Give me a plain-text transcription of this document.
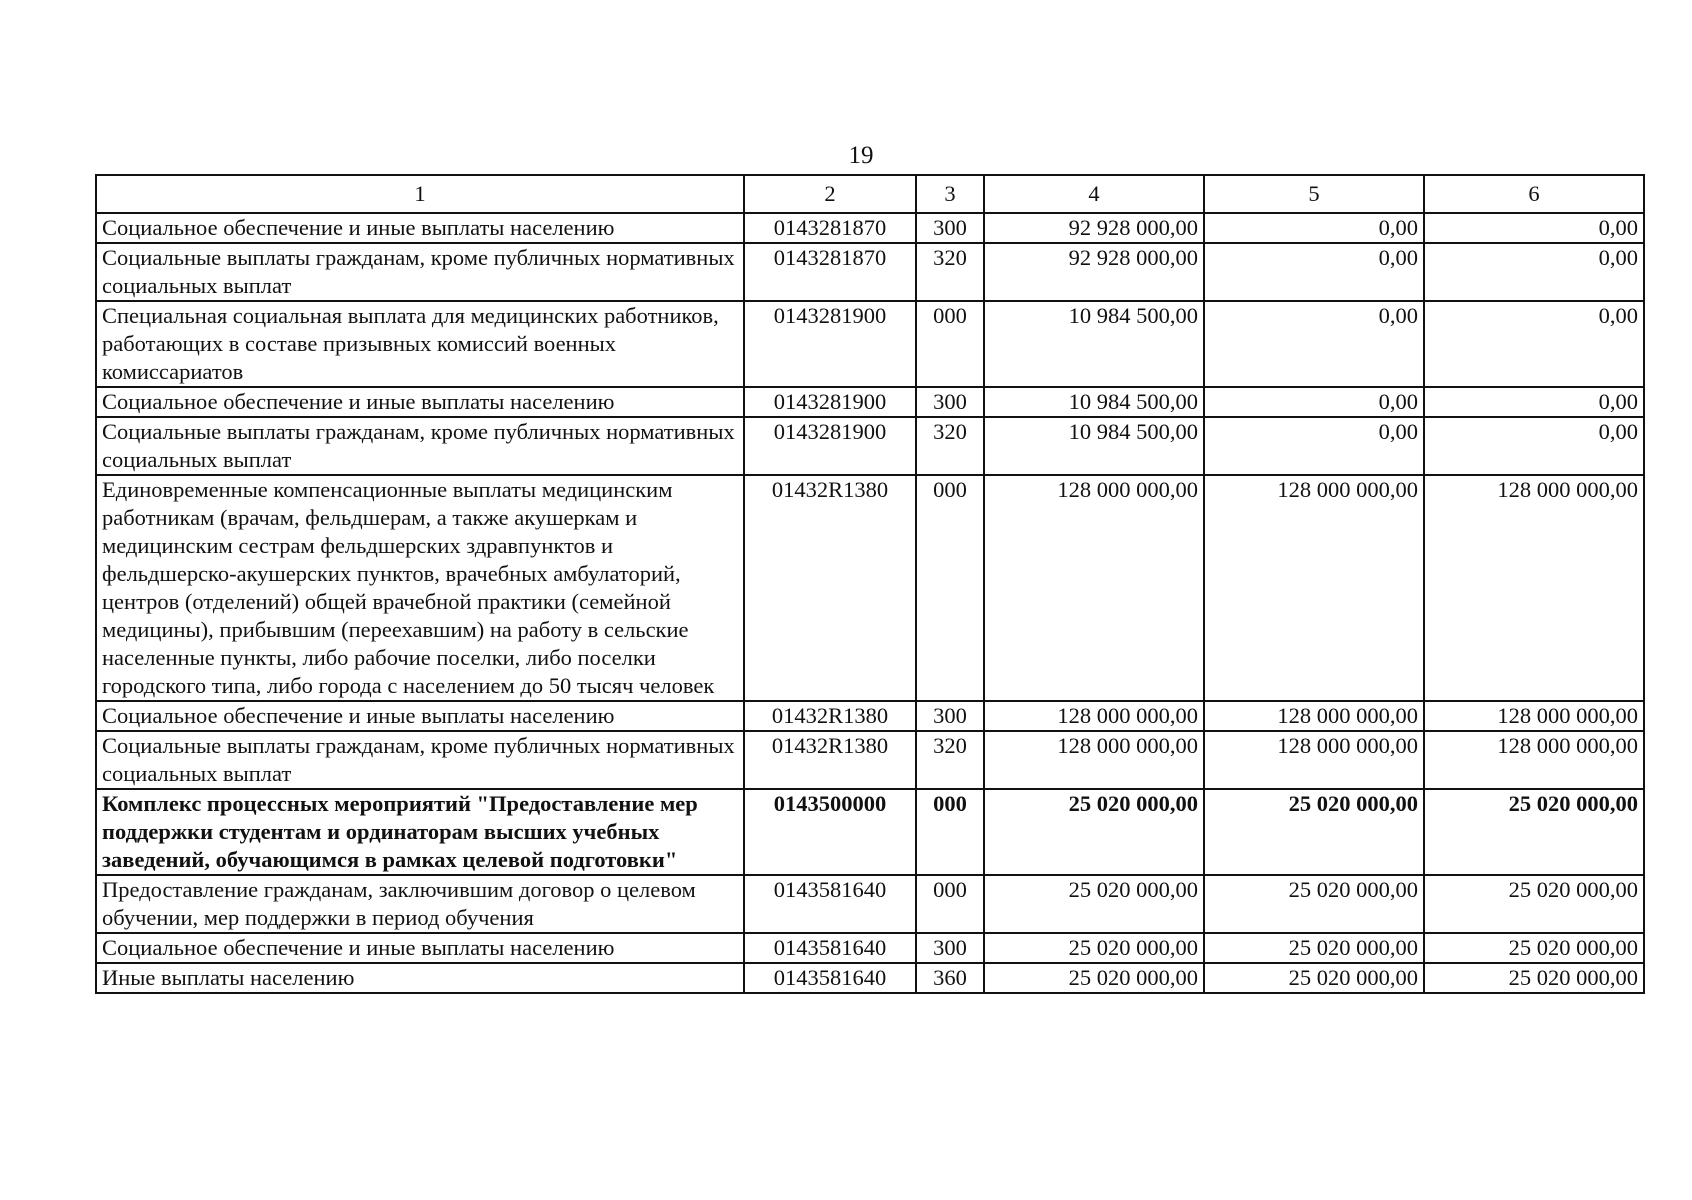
19
1	2	3	4	5	6
Социальное обеспечение и иные выплаты населению	0143281870	300	92 928 000,00	0,00	0,00
Социальные выплаты гражданам, кроме публичных нормативных социальных выплат	0143281870	320	92 928 000,00	0,00	0,00
Специальная социальная выплата для медицинских работников, работающих в составе призывных комиссий военных комиссариатов	0143281900	000	10 984 500,00	0,00	0,00
Социальное обеспечение и иные выплаты населению	0143281900	300	10 984 500,00	0,00	0,00
Социальные выплаты гражданам, кроме публичных нормативных социальных выплат	0143281900	320	10 984 500,00	0,00	0,00
Единовременные компенсационные выплаты медицинским работникам (врачам, фельдшерам, а также акушеркам и медицинским сестрам фельдшерских здравпунктов и фельдшерско-акушерских пунктов, врачебных амбулаторий, центров (отделений) общей врачебной практики (семейной медицины), прибывшим (переехавшим) на работу в сельские населенные пункты, либо рабочие поселки, либо поселки городского типа, либо города с населением до 50 тысяч человек	01432R1380	000	128 000 000,00	128 000 000,00	128 000 000,00
Социальное обеспечение и иные выплаты населению	01432R1380	300	128 000 000,00	128 000 000,00	128 000 000,00
Социальные выплаты гражданам, кроме публичных нормативных социальных выплат	01432R1380	320	128 000 000,00	128 000 000,00	128 000 000,00
Комплекс процессных мероприятий "Предоставление мер поддержки студентам и ординаторам высших учебных заведений, обучающимся в рамках целевой подготовки"	0143500000	000	25 020 000,00	25 020 000,00	25 020 000,00
Предоставление гражданам, заключившим договор о целевом обучении, мер поддержки в период обучения	0143581640	000	25 020 000,00	25 020 000,00	25 020 000,00
Социальное обеспечение и иные выплаты населению	0143581640	300	25 020 000,00	25 020 000,00	25 020 000,00
Иные выплаты населению	0143581640	360	25 020 000,00	25 020 000,00	25 020 000,00
